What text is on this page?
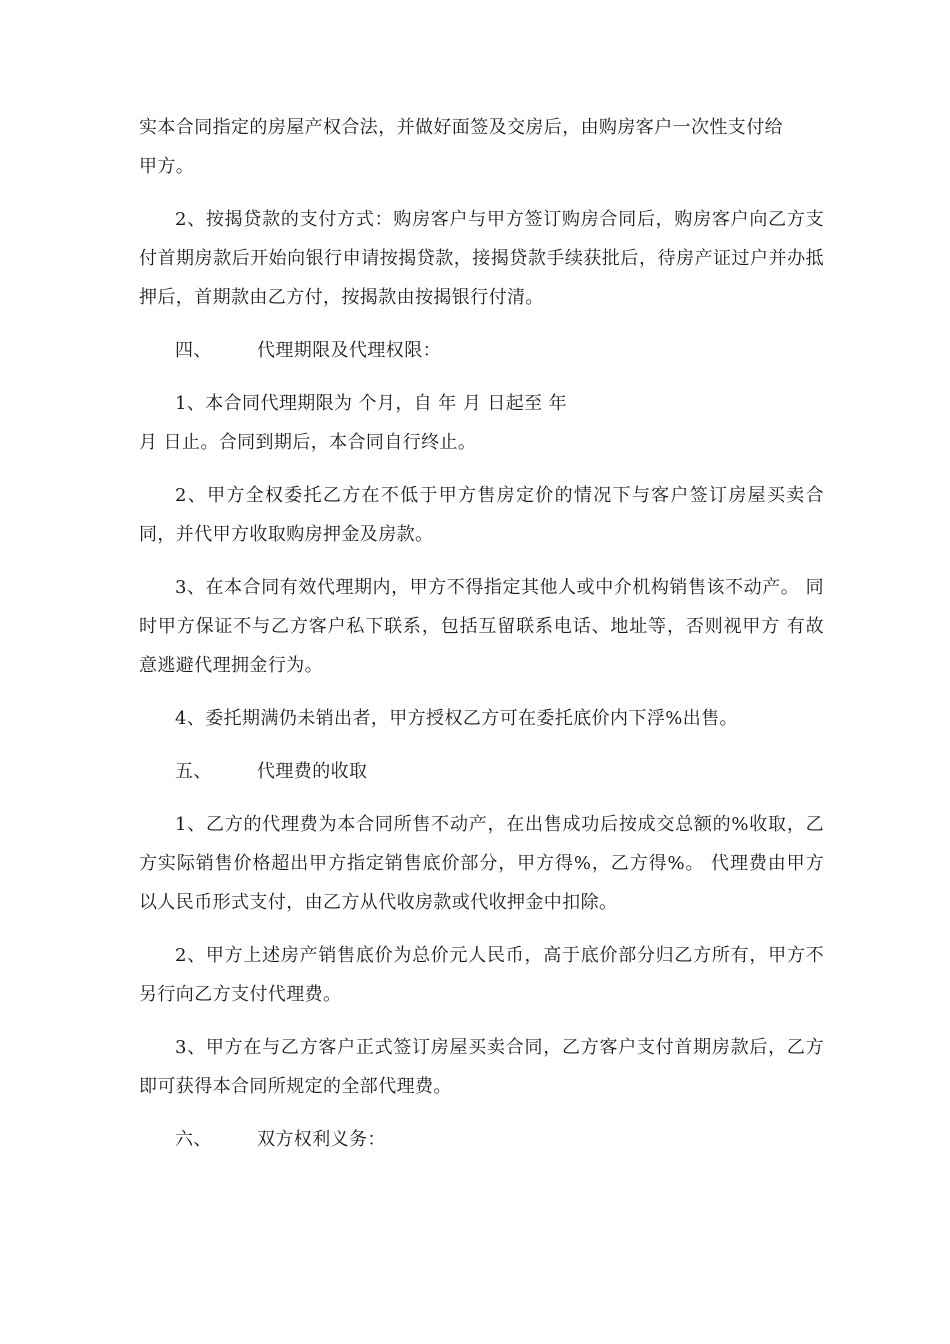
实本合同指定的房屋产权合法，并做好面签及交房后，由购房客户一次性支付给
甲方。

2、按揭贷款的支付方式：购房客户与甲方签订购房合同后，购房客户向乙方支付首期房款后开始向银行申请按揭贷款，接揭贷款手续获批后，待房产证过户并办抵押后，首期款由乙方付，按揭款由按揭银行付清。

四、	代理期限及代理权限：

1、本合同代理期限为 个月，自 年 月 日起至 年
月 日止。合同到期后，本合同自行终止。

2、甲方全权委托乙方在不低于甲方售房定价的情况下与客户签订房屋买卖合同，并代甲方收取购房押金及房款。

3、在本合同有效代理期内，甲方不得指定其他人或中介机构销售该不动产。 同时甲方保证不与乙方客户私下联系，包括互留联系电话、地址等，否则视甲方 有故意逃避代理拥金行为。

4、委托期满仍未销出者，甲方授权乙方可在委托底价内下浮%出售。

五、	代理费的收取

1、乙方的代理费为本合同所售不动产，在出售成功后按成交总额的%收取，乙方实际销售价格超出甲方指定销售底价部分，甲方得%，乙方得%。 代理费由甲方以人民币形式支付，由乙方从代收房款或代收押金中扣除。

2、甲方上述房产销售底价为总价元人民币，高于底价部分归乙方所有，甲方不另行向乙方支付代理费。

3、甲方在与乙方客户正式签订房屋买卖合同，乙方客户支付首期房款后，乙方即可获得本合同所规定的全部代理费。

六、	双方权利义务：
